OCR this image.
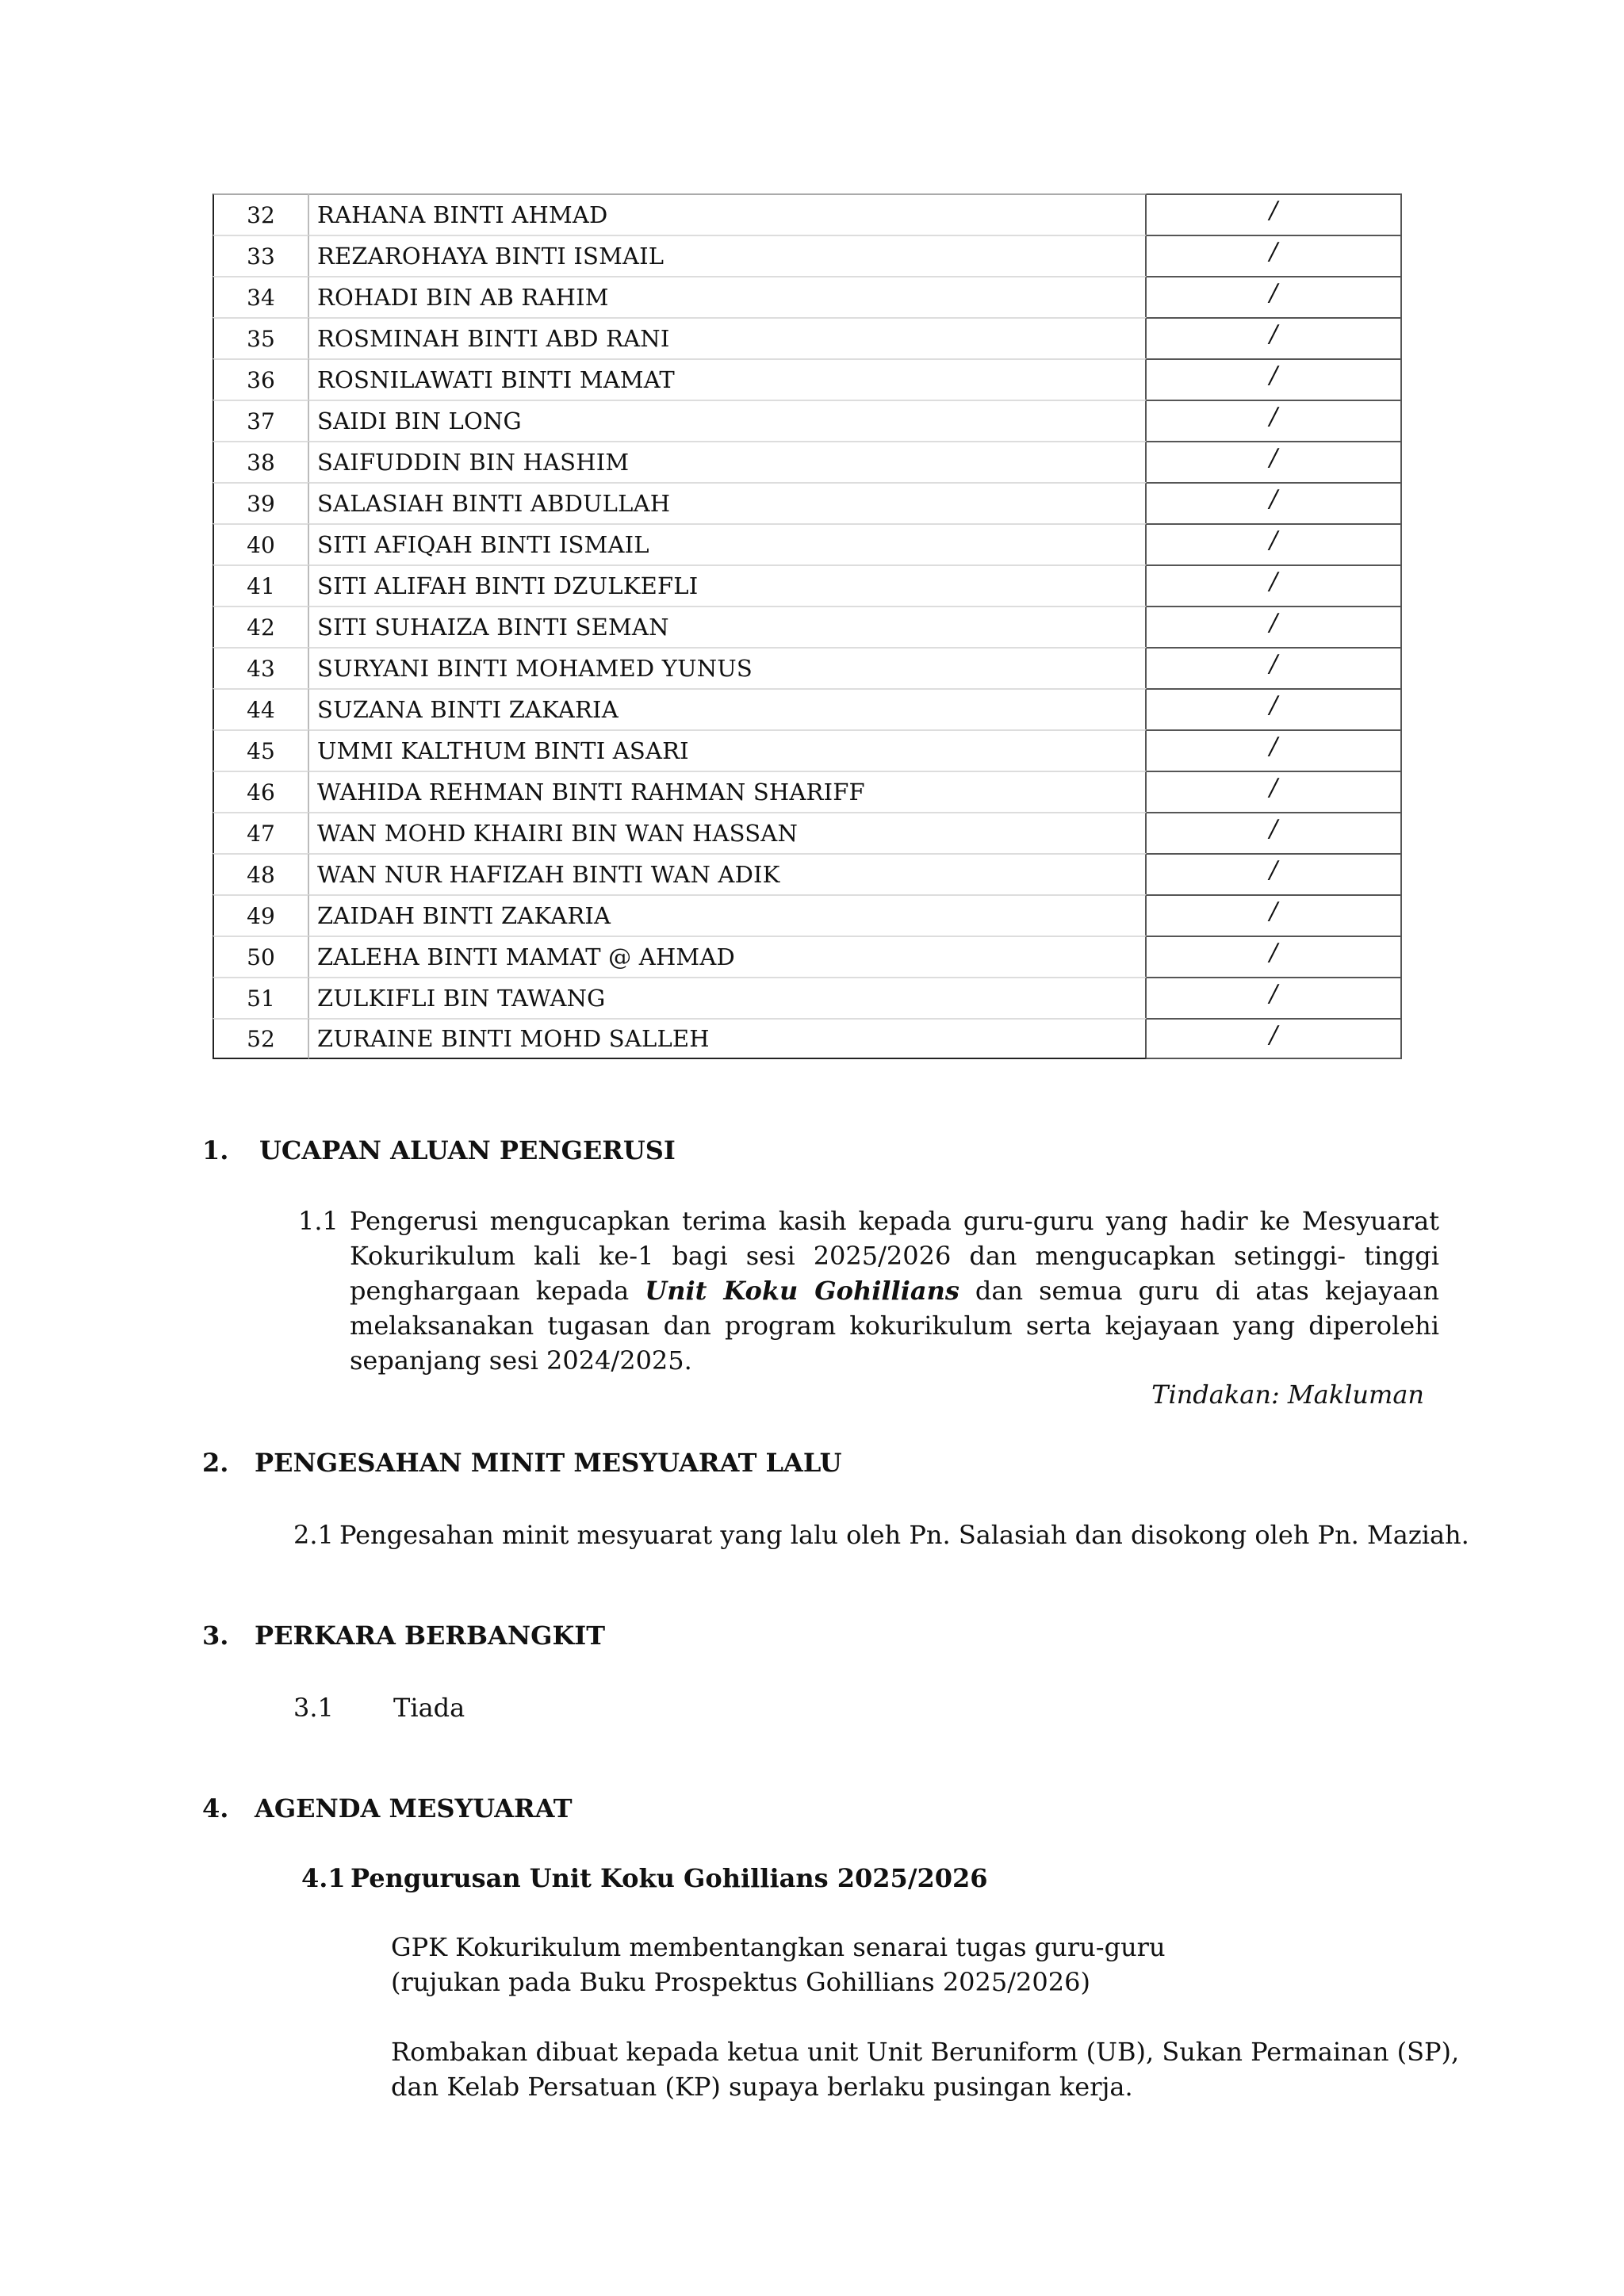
32	RAHANA BINTI AHMAD	/
33	REZAROHAYA BINTI ISMAIL	/
34	ROHADI BIN AB RAHIM	/
35	ROSMINAH BINTI ABD RANI	/
36	ROSNILAWATI BINTI MAMAT	/
37	SAIDI BIN LONG	/
38	SAIFUDDIN BIN HASHIM	/
39	SALASIAH BINTI ABDULLAH	/
40	SITI AFIQAH BINTI ISMAIL	/
41	SITI ALIFAH BINTI DZULKEFLI	/
42	SITI SUHAIZA BINTI SEMAN	/
43	SURYANI BINTI MOHAMED YUNUS	/
44	SUZANA BINTI ZAKARIA	/
45	UMMI KALTHUM BINTI ASARI	/
46	WAHIDA REHMAN BINTI RAHMAN SHARIFF	/
47	WAN MOHD KHAIRI BIN WAN HASSAN	/
48	WAN NUR HAFIZAH BINTI WAN ADIK	/
49	ZAIDAH BINTI ZAKARIA	/
50	ZALEHA BINTI MAMAT @ AHMAD	/
51	ZULKIFLI BIN TAWANG	/
52	ZURAINE BINTI MOHD SALLEH	/
1. UCAPAN ALUAN PENGERUSI
1.1 Pengerusi mengucapkan terima kasih kepada guru-guru yang hadir ke Mesyuarat
Kokurikulum kali ke-1 bagi sesi 2025/2026 dan mengucapkan setinggi- tinggi
penghargaan kepada Unit Koku Gohillians dan semua guru di atas kejayaan
melaksanakan tugasan dan program kokurikulum serta kejayaan yang diperolehi
sepanjang sesi 2024/2025.
Tindakan: Makluman
2. PENGESAHAN MINIT MESYUARAT LALU
2.1 Pengesahan minit mesyuarat yang lalu oleh Pn. Salasiah dan disokong oleh Pn. Maziah.
3. PERKARA BERBANGKIT
3.1 Tiada
4. AGENDA MESYUARAT
4.1 Pengurusan Unit Koku Gohillians 2025/2026
GPK Kokurikulum membentangkan senarai tugas guru-guru
(rujukan pada Buku Prospektus Gohillians 2025/2026)
Rombakan dibuat kepada ketua unit Unit Beruniform (UB), Sukan Permainan (SP),
dan Kelab Persatuan (KP) supaya berlaku pusingan kerja.
